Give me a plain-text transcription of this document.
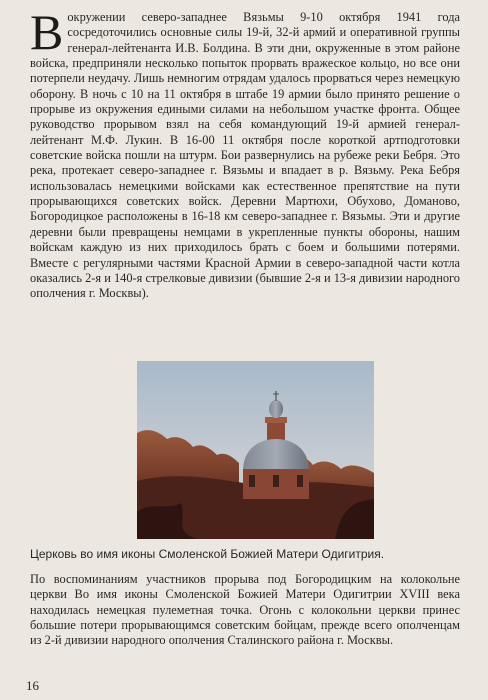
В окружении северо-западнее Вязьмы 9-10 октября 1941 года сосредоточились основные силы 19-й, 32-й армий и оперативной группы генерал-лейтенанта И.В. Болдина. В эти дни, окруженные в этом районе войска, предприняли несколько попыток прорвать вражеское кольцо, но все они потерпели неудачу. Лишь немногим отрядам удалось прорваться через немецкую оборону. В ночь с 10 на 11 октября в штабе 19 армии было принято решение о прорыве из окружения едиными силами на небольшом участке фронта. Общее руководство прорывом взял на себя командующий 19-й армией генерал-лейтенант М.Ф. Лукин. В 16-00 11 октября после короткой артподготовки советские войска пошли на штурм. Бои развернулись на рубеже реки Бебря. Это река, протекает северо-западнее г. Вязьмы и впадает в р. Вязьму. Река Бебря использовалась немецкими войсками как естественное препятствие на пути прорывающихся советских войск. Деревни Мартюхи, Обухово, Доманово, Богородицкое расположены в 16-18 км северо-западнее г. Вязьмы. Эти и другие деревни были превращены немцами в укрепленные пункты обороны, нашим войскам каждую из них приходилось брать с боем и большими потерями. Вместе с регулярными частями Красной Армии в северо-западной части котла оказались 2-я и 140-я стрелковые дивизии (бывшие 2-я и 13-я дивизии народного ополчения г. Москвы).

Церковь во имя иконы Смоленской Божией Матери Одигитрия.

По воспоминаниям участников прорыва под Богородицким на колокольне церкви Во имя иконы Смоленской Божией Матери Одигитрии XVIII века находилась немецкая пулеметная точка. Огонь с колокольни церкви принес большие потери прорывающимся советским бойцам, прежде всего ополченцам из 2-й дивизии народного ополчения Сталинского района г. Москвы.

16
